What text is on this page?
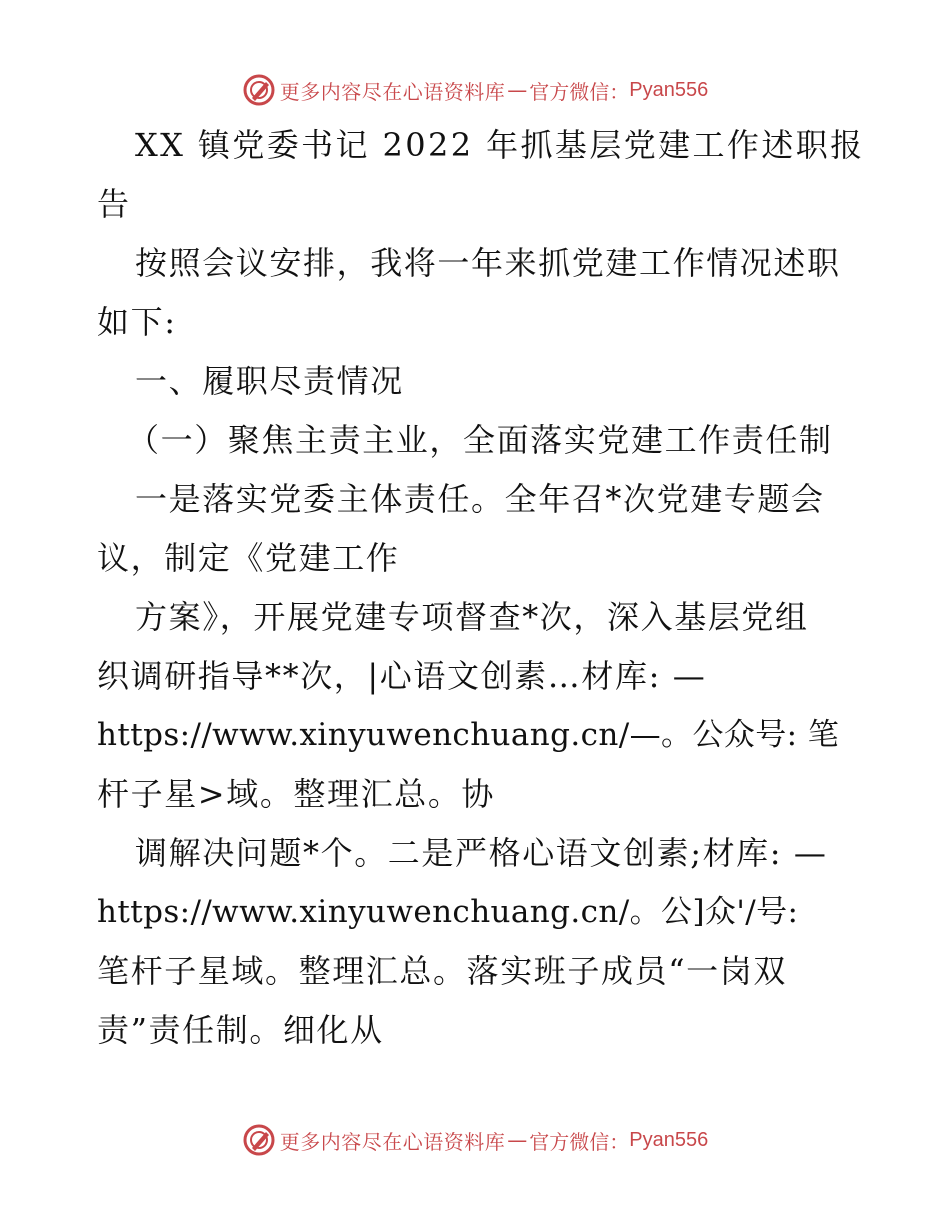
更多内容尽在心语资料库 — 官方微信： Pyan556
XX 镇党委书记 2022 年抓基层党建工作述职报
告
按照会议安排，我将一年来抓党建工作情况述职
如下:
一、履职尽责情况
（一）聚焦主责主业，全面落实党建工作责任制
一是落实党委主体责任。全年召*次党建专题会
议，制定《党建工作
方案》，开展党建专项督查*次，深入基层党组
织调研指导**次，|心语文创素…材库: —
https://www.xinyuwenchuang.cn/—。公众号: 笔
杆子星>域。整理汇总。协
调解决问题*个。二是严格心语文创素;材库: —
https://www.xinyuwenchuang.cn/。公]众'/号:
笔杆子星域。整理汇总。落实班子成员“一岗双
责”责任制。细化从
更多内容尽在心语资料库 — 官方微信： Pyan556
